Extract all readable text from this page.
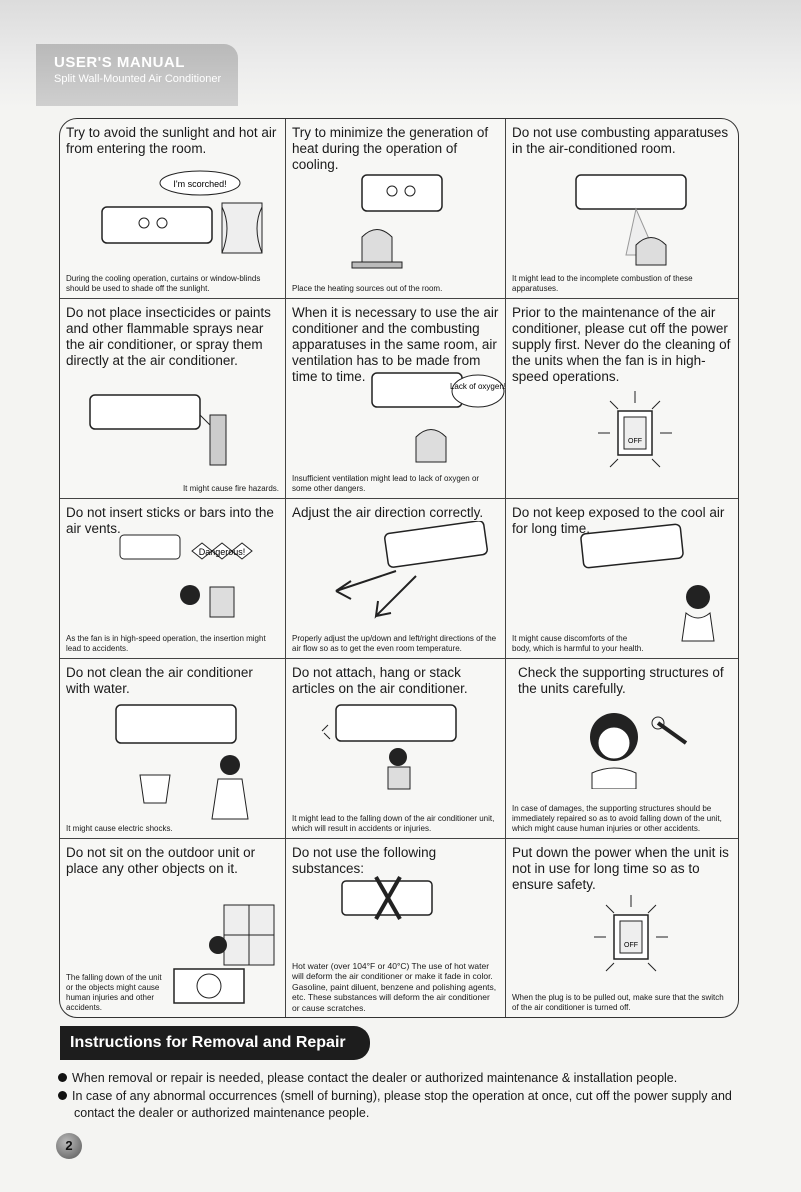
USER'S MANUAL
Split Wall-Mounted Air Conditioner
Try to avoid the sunlight and hot air from entering the room.
I'm scorched!
During the cooling operation, curtains or window-blinds should be used to shade off the sunlight.
Try to minimize the generation of heat during the operation of cooling.
Place the heating sources out of the room.
Do not use combusting apparatuses in the air-conditioned room.
It might lead to the incomplete combustion of these apparatuses.
Do not place insecticides or paints and other flammable sprays near the air conditioner, or spray them directly at the air conditioner.
It might cause fire hazards.
When it is necessary to use the air conditioner and the combusting apparatuses in the same room, air ventilation has to be made from time to time.
Lack of oxygen!
Insufficient ventilation might lead to lack of oxygen or some other dangers.
Prior to the maintenance of the air conditioner, please cut off the power supply first. Never do the cleaning of the units when the fan is in high-speed operations.
OFF
Do not insert sticks or bars into the air vents.
Dangerous!
As the fan is in high-speed operation, the insertion might lead to accidents.
Adjust the air direction correctly.
Properly adjust the up/down and left/right directions of the air flow so as to get the even room temperature.
Do not keep exposed to the cool air for long time.
It might cause discomforts of the body, which is harmful to your health.
Do not clean the air conditioner with water.
It might cause electric shocks.
Do not attach, hang or stack articles on the air conditioner.
It might lead to the falling down of the air conditioner unit, which will result in accidents or injuries.
Check the supporting structures of the units carefully.
In case of damages, the supporting structures should be immediately repaired so as to avoid falling down of the unit, which might cause human injuries or other accidents.
Do not sit on the outdoor unit or place any other objects on it.
The falling down of the unit or the objects might cause human injuries and other accidents.
Do not use the following substances:
Hot water (over 104°F or 40°C) The use of hot water will deform the air conditioner or make it fade in color. Gasoline, paint diluent, benzene and polishing agents, etc. These substances will deform the air conditioner or cause scratches.
Put down the power when the unit is not in use for long time so as to ensure safety.
OFF
When the plug is to be pulled out, make sure that the switch of the air conditioner is turned off.
Instructions for Removal and Repair
When removal or repair is needed, please contact the dealer or authorized maintenance & installation people.
In case of any abnormal occurrences (smell of burning), please stop the operation at once, cut off the power supply and contact the dealer or authorized maintenance people.
2
